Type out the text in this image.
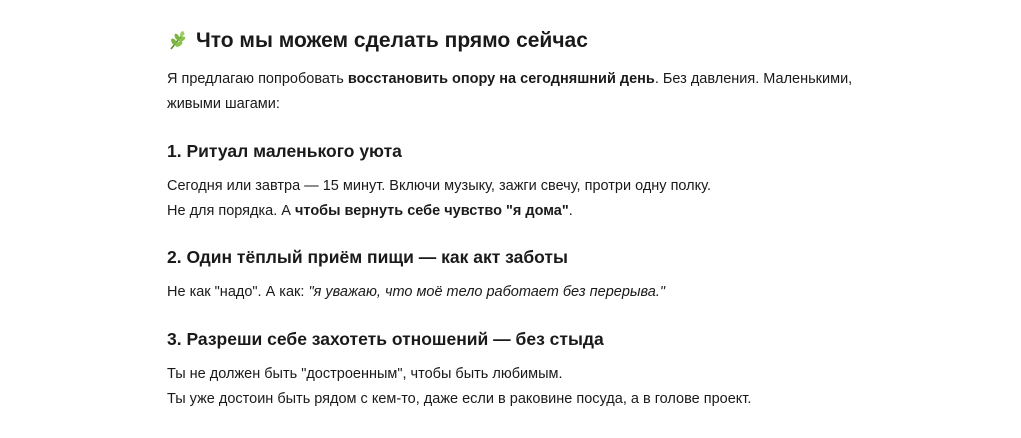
Что мы можем сделать прямо сейчас
Я предлагаю попробовать восстановить опору на сегодняшний день. Без давления. Маленькими,
живыми шагами:
1. Ритуал маленького уюта
Сегодня или завтра — 15 минут. Включи музыку, зажги свечу, протри одну полку.
Не для порядка. А чтобы вернуть себе чувство "я дома".
2. Один тёплый приём пищи — как акт заботы
Не как "надо". А как: "я уважаю, что моё тело работает без перерыва."
3. Разреши себе захотеть отношений — без стыда
Ты не должен быть "достроенным", чтобы быть любимым.
Ты уже достоин быть рядом с кем-то, даже если в раковине посуда, а в голове проект.
